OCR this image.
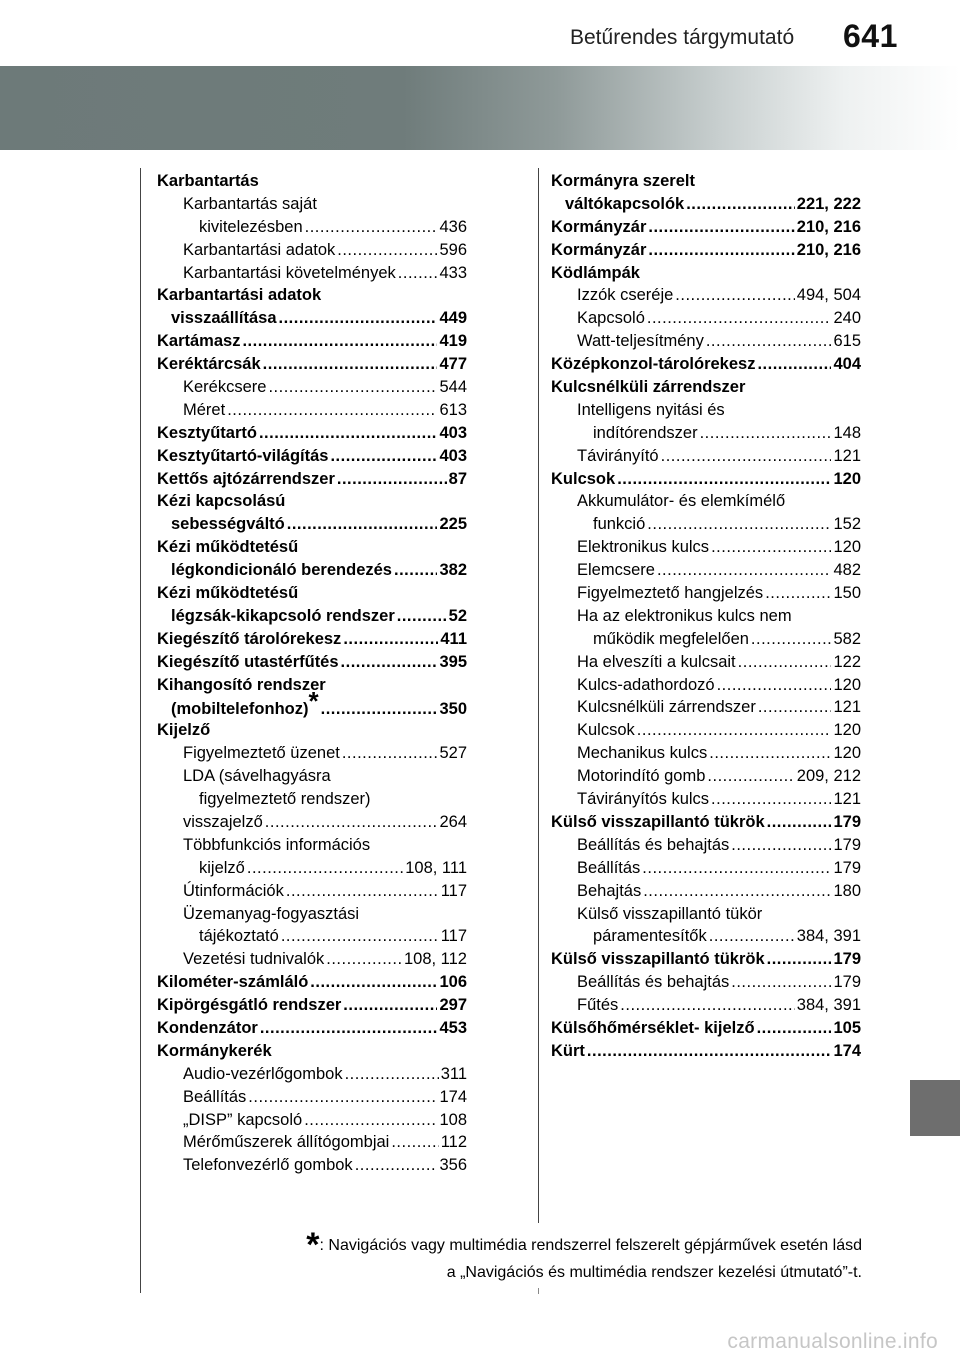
Betűrendes tárgymutató 641
Karbantartás
Karbantartás saját
kivitelezésben .....	436
Karbantartási adatok .....	596
Karbantartási követelmények .....	433
Karbantartási adatok
visszaállítása .....	449
Kartámasz .....	419
Keréktárcsák .....	477
Kerékcsere .....	544
Méret .....	613
Kesztyűtartó .....	403
Kesztyűtartó-világítás .....	403
Kettős ajtózárrendszer .....	87
Kézi kapcsolású
sebességváltó .....	225
Kézi működtetésű
légkondicionáló berendezés .....	382
Kézi működtetésű
légzsák-kikapcsoló rendszer .....	52
Kiegészítő tárolórekesz .....	411
Kiegészítő utastérfűtés .....	395
Kihangosító rendszer
(mobiltelefonhoz)* .....	350
Kijelző
Figyelmeztető üzenet .....	527
LDA (sávelhagyásra
figyelmeztető rendszer)
visszajelző .....	264
Többfunkciós információs
kijelző .....	108, 111
Útinformációk .....	117
Üzemanyag-fogyasztási
tájékoztató .....	117
Vezetési tudnivalók .....	108, 112
Kilométer-számláló .....	106
Kipörgésgátló rendszer .....	297
Kondenzátor .....	453
Kormánykerék
Audio-vezérlőgombok .....	311
Beállítás .....	174
„DISP” kapcsoló .....	108
Mérőműszerek állítógombjai .....	112
Telefonvezérlő gombok .....	356
Kormányra szerelt
váltókapcsolók .....	221, 222
Kormányzár .....	210, 216
Kormányzár .....	210, 216
Ködlámpák
Izzók cseréje .....	494, 504
Kapcsoló .....	240
Watt-teljesítmény .....	615
Középkonzol-tárolórekesz .....	404
Kulcsnélküli zárrendszer
Intelligens nyitási és
indítórendszer .....	148
Távirányító .....	121
Kulcsok .....	120
Akkumulátor- és elemkímélő
funkció .....	152
Elektronikus kulcs .....	120
Elemcsere .....	482
Figyelmeztető hangjelzés .....	150
Ha az elektronikus kulcs nem
működik megfelelően .....	582
Ha elveszíti a kulcsait .....	122
Kulcs-adathordozó .....	120
Kulcsnélküli zárrendszer .....	121
Kulcsok .....	120
Mechanikus kulcs .....	120
Motorindító gomb .....	209, 212
Távirányítós kulcs .....	121
Külső visszapillantó tükrök .....	179
Beállítás és behajtás .....	179
Beállítás .....	179
Behajtás .....	180
Külső visszapillantó tükör
páramentesítők .....	384, 391
Külső visszapillantó tükrök .....	179
Beállítás és behajtás .....	179
Fűtés .....	384, 391
Külsőhőmérséklet- kijelző .....	105
Kürt .....	174
*: Navigációs vagy multimédia rendszerrel felszerelt gépjárművek esetén lásd
a „Navigációs és multimédia rendszer kezelési útmutató”-t.
carmanualsonline.info
